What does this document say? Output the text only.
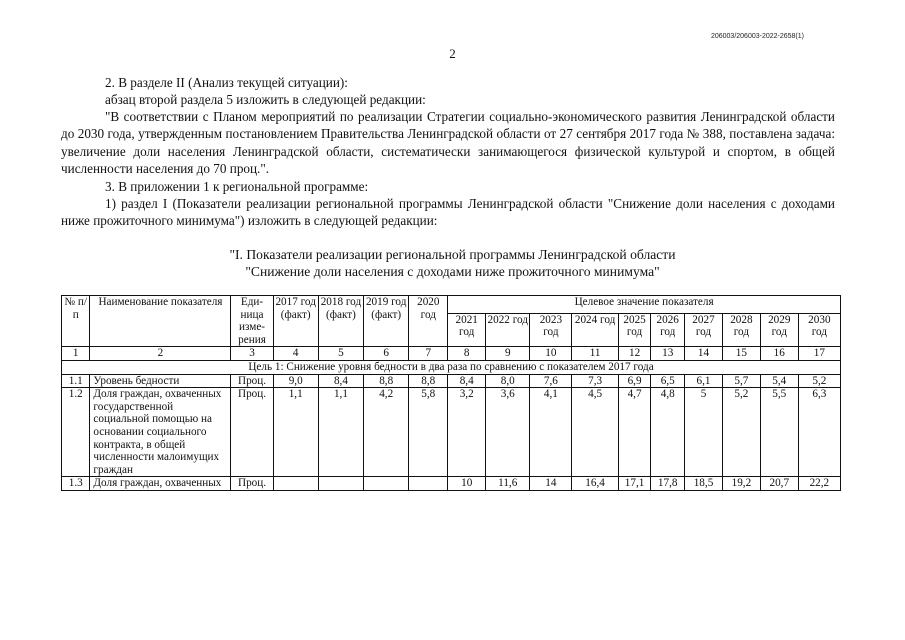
206003/206003-2022-2658(1)
2

2. В разделе II (Анализ текущей ситуации):

абзац второй раздела 5 изложить в следующей редакции:

"В соответствии с Планом мероприятий по реализации Стратегии социально-экономического развития Ленинградской области до 2030 года, утвержденным постановлением Правительства Ленинградской области от 27 сентября 2017 года № 388, поставлена задача: увеличение доли населения Ленинградской области, систематически занимающегося физической культурой и спортом, в общей численности населения до 70 проц.".

3. В приложении 1 к региональной программе:

1) раздел I (Показатели реализации региональной программы Ленинградской области "Снижение доли населения с доходами ниже прожиточного минимума") изложить в следующей редакции:

"I. Показатели реализации региональной программы Ленинградской области
"Снижение доли населения с доходами ниже прожиточного минимума"
№ п/п	Наименование показателя	Еди-ница изме-рения	2017 год (факт)	2018 год (факт)	2019 год (факт)	2020 год	Целевое значение показателя									
							2021 год	2022 год	2023 год	2024 год	2025 год	2026 год	2027 год	2028 год	2029 год	2030 год
1	2	3	4	5	6	7	8	9	10	11	12	13	14	15	16	17
Цель 1: Снижение уровня бедности в два раза по сравнению с показателем 2017 года																
1.1	Уровень бедности	Проц.	9,0	8,4	8,8	8,8	8,4	8,0	7,6	7,3	6,9	6,5	6,1	5,7	5,4	5,2
1.2	Доля граждан, охваченных государственной социальной помощью на основании социального контракта, в общей численности малоимущих граждан	Проц.	1,1	1,1	4,2	5,8	3,2	3,6	4,1	4,5	4,7	4,8	5	5,2	5,5	6,3
1.3	Доля граждан, охваченных	Проц.					10	11,6	14	16,4	17,1	17,8	18,5	19,2	20,7	22,2
